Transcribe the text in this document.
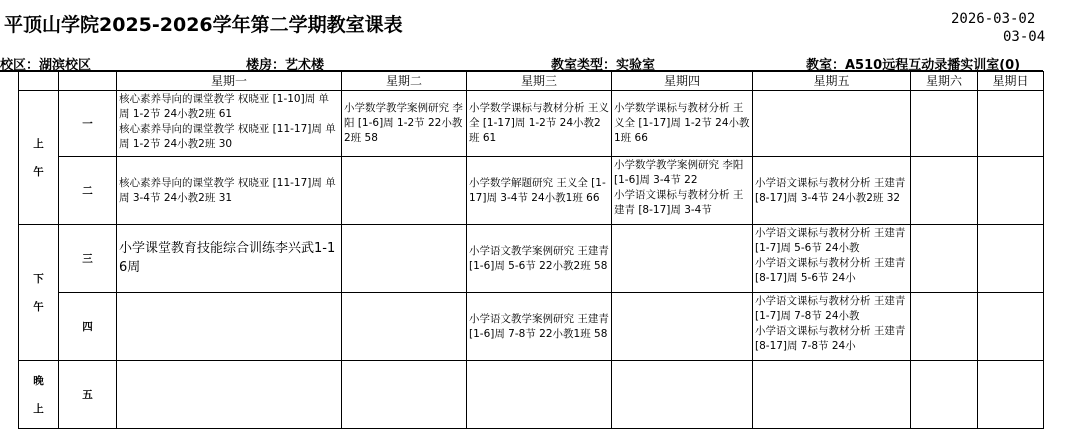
平顶山学院2025-2026学年第二学期教室课表	2026-03-02
03-04
校区：湖滨校区	楼房：艺术楼	教室类型：实验室	教室：A510远程互动录播实训室(0)
		星期一	星期二	星期三	星期四	星期五	星期六	星期日
上
午	一	核心素养导向的课堂教学 权晓亚 [1-10]周 单周 1-2节 24小教2班 61
核心素养导向的课堂教学 权晓亚 [11-17]周 单周 1-2节 24小教2班 30	小学数学教学案例研究 李阳 [1-6]周 1-2节 22小教2班 58	小学数学课标与教材分析 王义全 [1-17]周 1-2节 24小教2班 61	小学数学课标与教材分析 王义全 [1-17]周 1-2节 24小教1班 66			

	二	核心素养导向的课堂教学 权晓亚 [11-17]周 单周 3-4节 24小教2班 31		小学数学解题研究 王义全 [1-17]周 3-4节 24小教1班 66	小学数学教学案例研究 李阳 [1-6]周 3-4节 22
小学语文课标与教材分析 王建青 [8-17]周 3-4节	小学语文课标与教材分析 王建青 [8-17]周 3-4节 24小教2班 32		

下
午	三	小学课堂教育技能综合训练李兴武1-16周		小学语文教学案例研究 王建青 [1-6]周 5-6节 22小教2班 58		小学语文课标与教材分析 王建青 [1-7]周 5-6节 24小教
小学语文课标与教材分析 王建青 [8-17]周 5-6节 24小		

	四			小学语文教学案例研究 王建青 [1-6]周 7-8节 22小教1班 58		小学语文课标与教材分析 王建青 [1-7]周 7-8节 24小教
小学语文课标与教材分析 王建青 [8-17]周 7-8节 24小		

晚
上	五							
